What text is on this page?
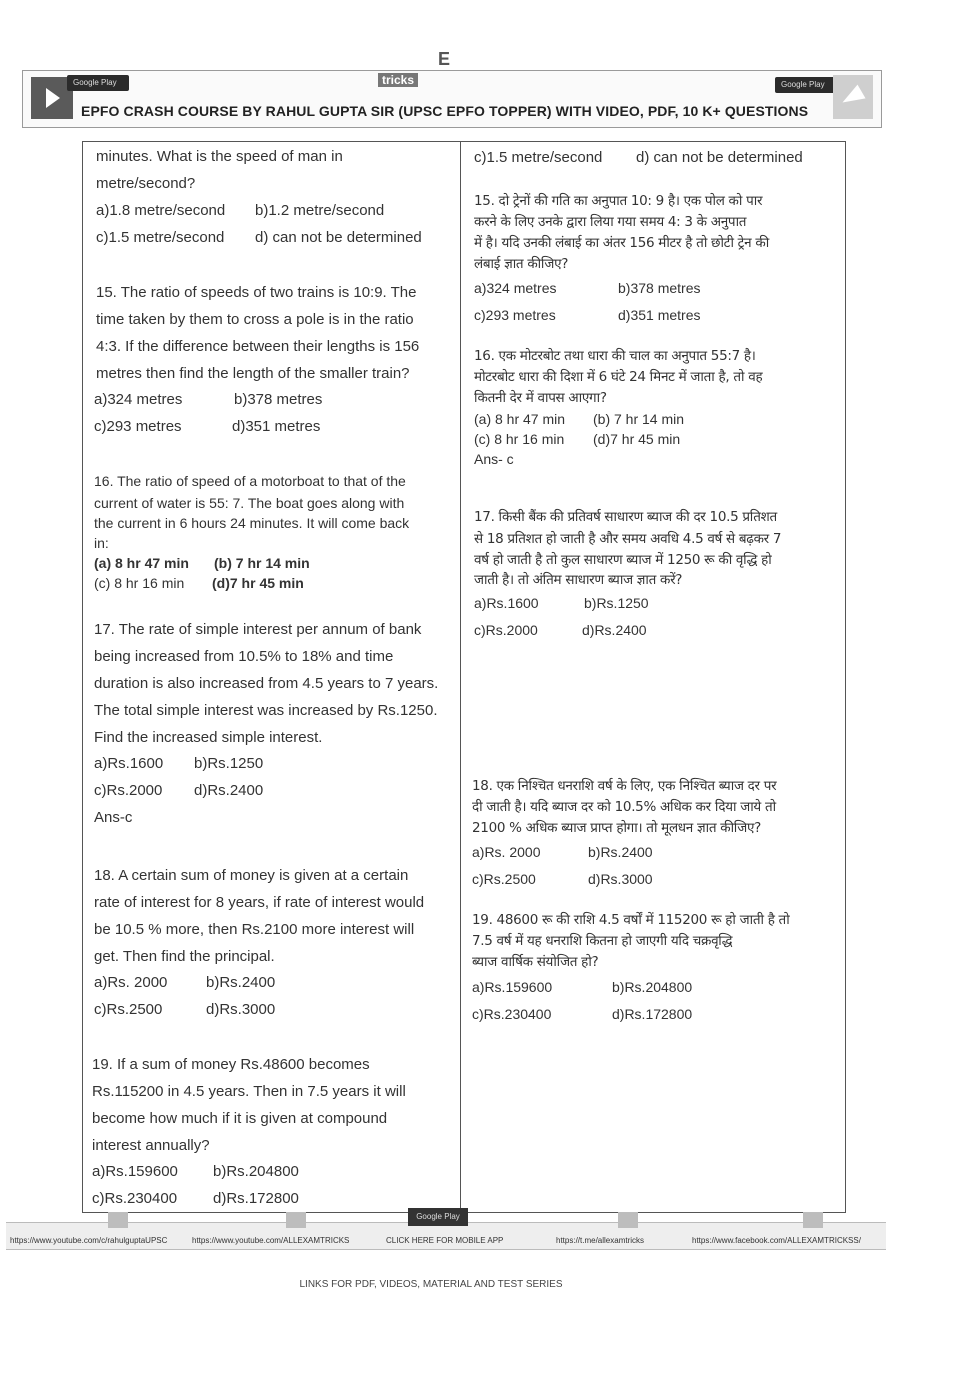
Google Play
E
tricks	Google Play
EPFO CRASH COURSE BY RAHUL GUPTA SIR (UPSC EPFO TOPPER) WITH VIDEO, PDF, 10 K+ QUESTIONS
minutes. What is the speed of man in
metre/second?
a)1.8 metre/second b)1.2 metre/second
c)1.5 metre/second d) can not be determined
15. The ratio of speeds of two trains is 10:9. The
time taken by them to cross a pole is in the ratio
4:3. If the difference between their lengths is 156
metres then find the length of the smaller train?
a)324 metres	b)378 metres
c)293 metres	d)351 metres
16. The ratio of speed of a motorboat to that of the
current of water is 55: 7. The boat goes along with
the current in 6 hours 24 minutes. It will come back
in:
(a) 8 hr 47 min (b) 7 hr 14 min
(c) 8 hr 16 min (d)7 hr 45 min
17. The rate of simple interest per annum of bank
being increased from 10.5% to 18% and time
duration is also increased from 4.5 years to 7 years.
The total simple interest was increased by Rs.1250.
Find the increased simple interest.
a)Rs.1600 b)Rs.1250
c)Rs.2000 d)Rs.2400
Ans-c
18. A certain sum of money is given at a certain
rate of interest for 8 years, if rate of interest would
be 10.5 % more, then Rs.2100 more interest will
get. Then find the principal.
a)Rs. 2000	b)Rs.2400
c)Rs.2500	d)Rs.3000
19. If a sum of money Rs.48600 becomes
Rs.115200 in 4.5 years. Then in 7.5 years it will
become how much if it is given at compound
interest annually?
a)Rs.159600 b)Rs.204800
c)Rs.230400 d)Rs.172800
c)1.5 metre/second d) can not be determined
15. दो ट्रेनों की गति का अनुपात 10: 9 है। एक पोल को पार
करने के लिए उनके द्वारा लिया गया समय 4: 3 के अनुपात
में है। यदि उनकी लंबाई का अंतर 156 मीटर है तो छोटी ट्रेन की
लंबाई ज्ञात कीजिए?
a)324 metres	b)378 metres
c)293 metres	d)351 metres
16. एक मोटरबोट तथा धारा की चाल का अनुपात 55:7 है।
मोटरबोट धारा की दिशा में 6 घंटे 24 मिनट में जाता है, तो वह
कितनी देर में वापस आएगा?
(a) 8 hr 47 min (b) 7 hr 14 min
(c) 8 hr 16 min (d)7 hr 45 min
Ans- c
17. किसी बैंक की प्रतिवर्ष साधारण ब्याज की दर 10.5 प्रतिशत
से 18 प्रतिशत हो जाती है और समय अवधि 4.5 वर्ष से बढ़कर 7
वर्ष हो जाती है तो कुल साधारण ब्याज में 1250 रू की वृद्धि हो
जाती है। तो अंतिम साधारण ब्याज ज्ञात करें?
a)Rs.1600	b)Rs.1250
c)Rs.2000	d)Rs.2400
18. एक निश्चित धनराशि वर्ष के लिए, एक निश्चित ब्याज दर पर
दी जाती है। यदि ब्याज दर को 10.5% अधिक कर दिया जाये तो
2100 % अधिक ब्याज प्राप्त होगा। तो मूलधन ज्ञात कीजिए?
a)Rs. 2000	b)Rs.2400
c)Rs.2500	d)Rs.3000
19. 48600 रू की राशि 4.5 वर्षों में 115200 रू हो जाती है तो
7.5 वर्ष में यह धनराशि कितना हो जाएगी यदि चक्रवृद्धि
ब्याज वार्षिक संयोजित हो?
a)Rs.159600	b)Rs.204800
c)Rs.230400	d)Rs.172800
Google Play
https://www.youtube.com/c/rahulguptaUPSC	https://www.youtube.com/ALLEXAMTRICKS	CLICK HERE FOR MOBILE APP	https://t.me/allexamtricks	https://www.facebook.com/ALLEXAMTRICKSS/
LINKS FOR PDF, VIDEOS, MATERIAL AND TEST SERIES
